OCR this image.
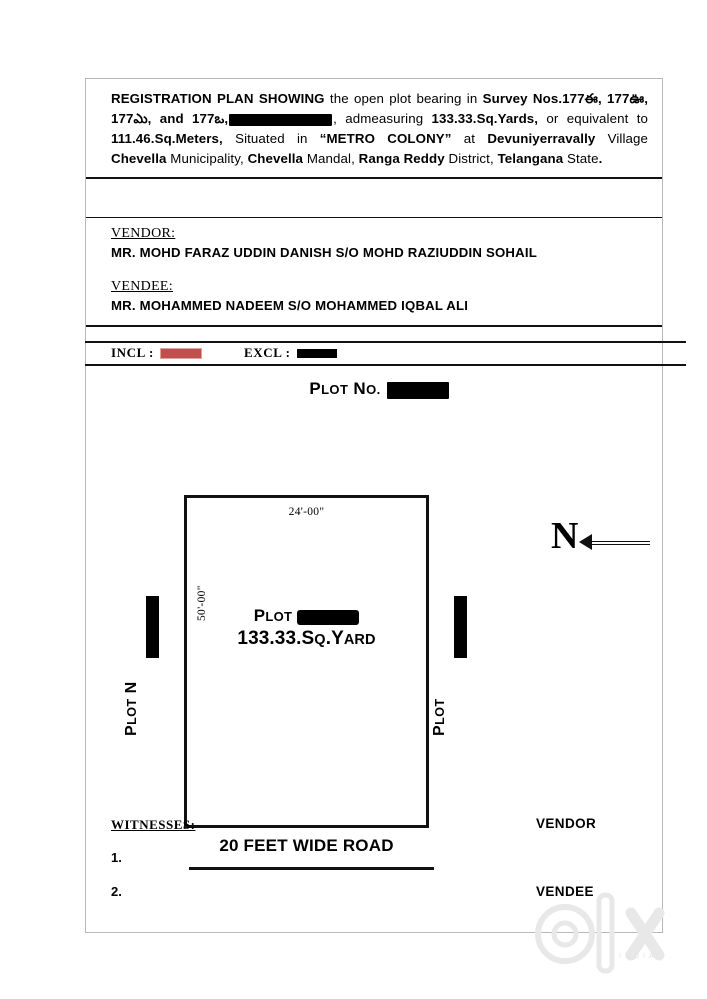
REGISTRATION PLAN SHOWING the open plot bearing in Survey Nos.177ఈ, 177ఊ, 177ఎు, and 177ఒ,	, admeasuring 133.33.Sq.Yards, or equivalent to 111.46.Sq.Meters, Situated in “METRO COLONY” at Devuniyerravally Village Chevella Municipality, Chevella Mandal, Ranga Reddy District, Telangana State.
VENDOR:
MR. MOHD FARAZ UDDIN DANISH S/O MOHD RAZIUDDIN SOHAIL
VENDEE:
MR. MOHAMMED NADEEM S/O MOHAMMED IQBAL ALI
INCL :	EXCL :
PLOT NO.
24'-00"
50'-00"	PLOT
133.33.SQ.YARD
PLOT N
PLOT
N
20 FEET WIDE ROAD
WITNESSES:
1.
2.
VENDOR
VENDEE
INDIA
